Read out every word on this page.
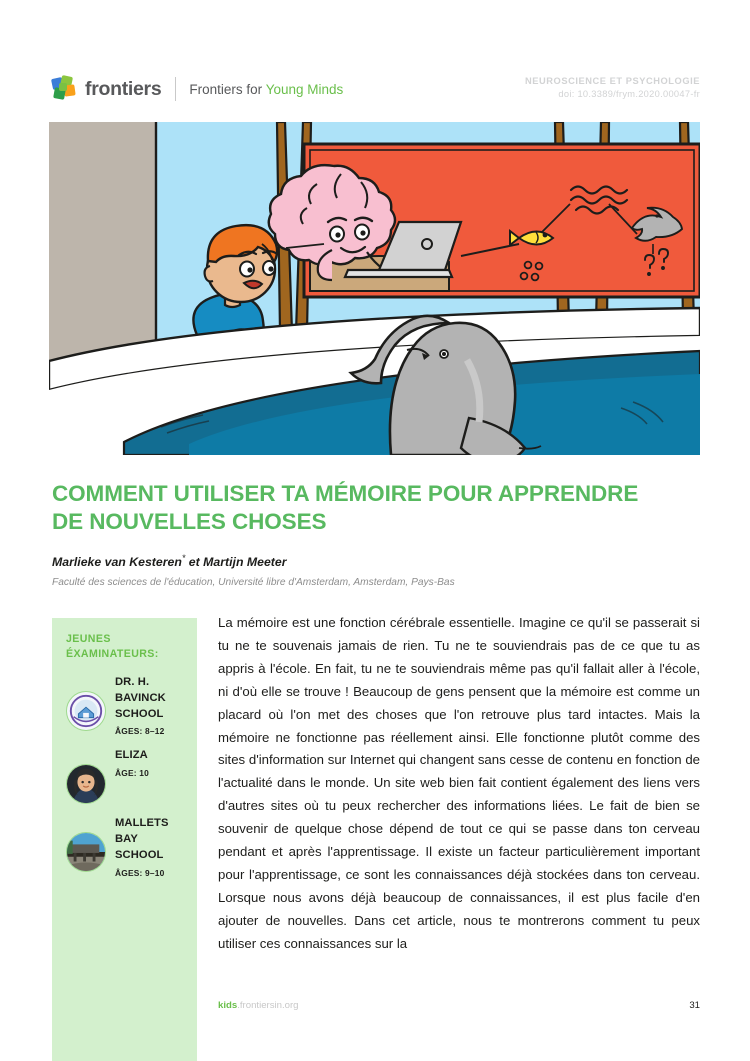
frontiers Frontiers for Young Minds
NEUROSCIENCE ET PSYCHOLOGIE
doi: 10.3389/frym.2020.00047-fr
COMMENT UTILISER TA MÉMOIRE POUR APPRENDRE DE NOUVELLES CHOSES
Marlieke van Kesteren* et Martijn Meeter
Faculté des sciences de l'éducation, Université libre d'Amsterdam, Amsterdam, Pays-Bas
JEUNES ÉXAMINATEURS:
DR. H. BAVINCK SCHOOL
ÂGES: 8–12
ELIZA
ÂGE: 10
MALLETS BAY SCHOOL
ÂGES: 9–10
La mémoire est une fonction cérébrale essentielle. Imagine ce qu'il se passerait si tu ne te souvenais jamais de rien. Tu ne te souviendrais pas de ce que tu as appris à l'école. En fait, tu ne te souviendrais même pas qu'il fallait aller à l'école, ni d'où elle se trouve ! Beaucoup de gens pensent que la mémoire est comme un placard où l'on met des choses que l'on retrouve plus tard intactes. Mais la mémoire ne fonctionne pas réellement ainsi. Elle fonctionne plutôt comme des sites d'information sur Internet qui changent sans cesse de contenu en fonction de l'actualité dans le monde. Un site web bien fait contient également des liens vers d'autres sites où tu peux rechercher des informations liées. Le fait de bien se souvenir de quelque chose dépend de tout ce qui se passe dans ton cerveau pendant et après l'apprentissage. Il existe un facteur particulièrement important pour l'apprentissage, ce sont les connaissances déjà stockées dans ton cerveau. Lorsque nous avons déjà beaucoup de connaissances, il est plus facile d'en ajouter de nouvelles. Dans cet article, nous te montrerons comment tu peux utiliser ces connaissances sur la
kids.frontiersin.org	31
